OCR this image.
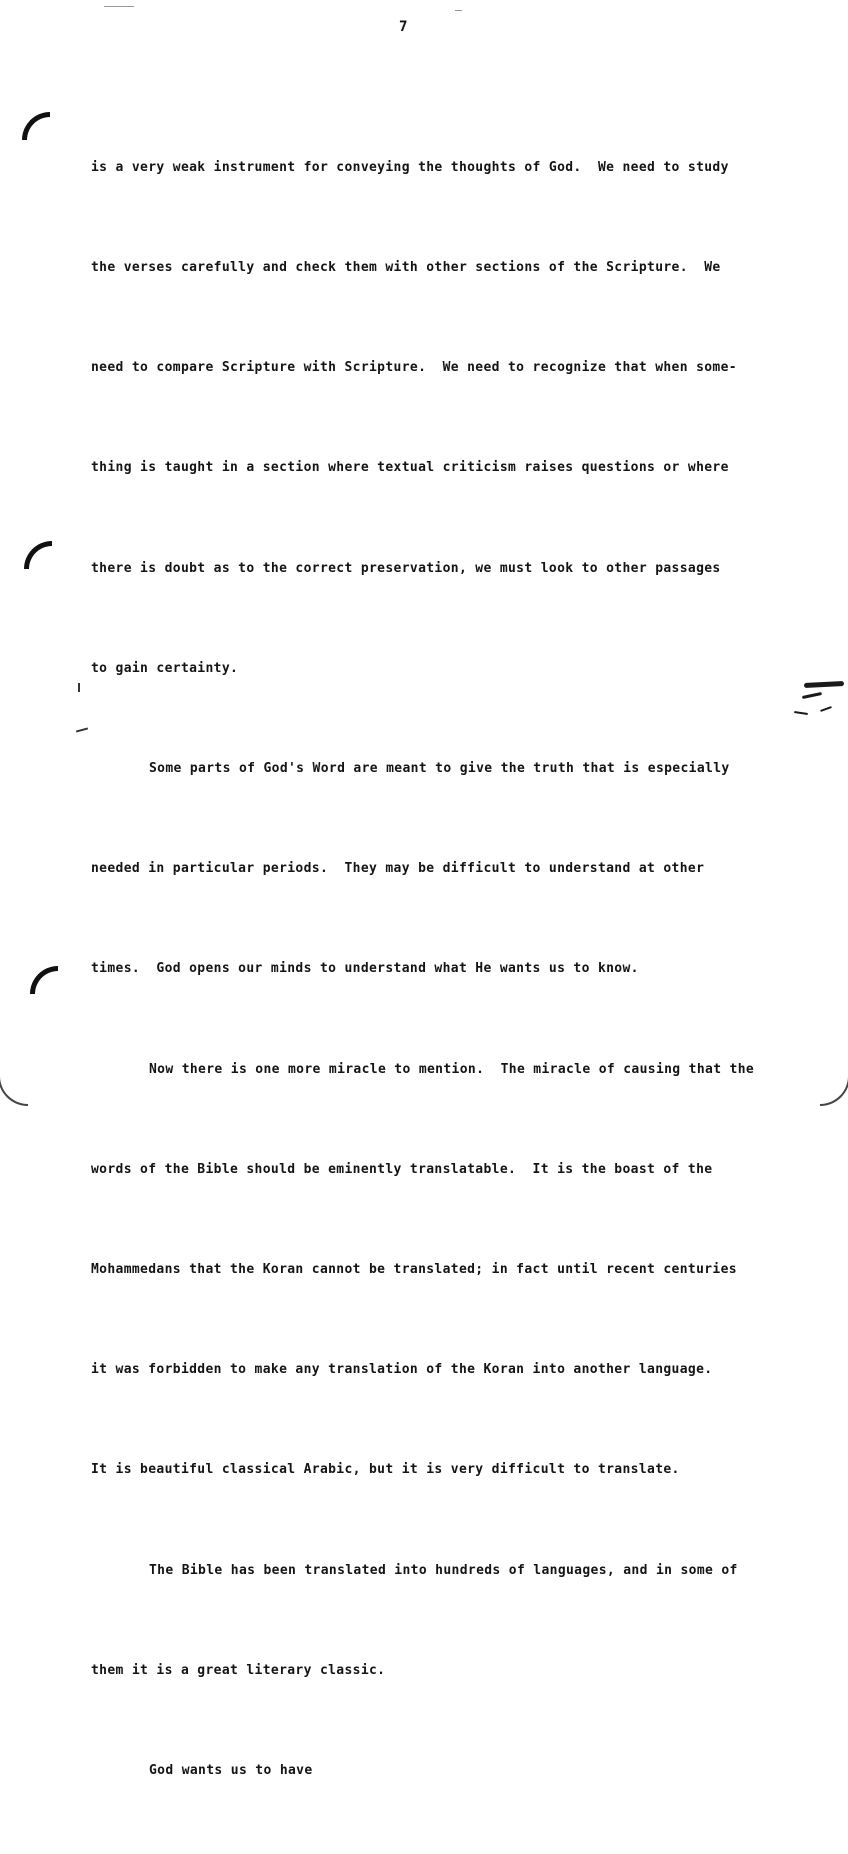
7

is a very weak instrument for conveying the thoughts of God.  We need to study

the verses carefully and check them with other sections of the Scripture.  We

need to compare Scripture with Scripture.  We need to recognize that when some-

thing is taught in a section where textual criticism raises questions or where

there is doubt as to the correct preservation, we must look to other passages

to gain certainty.

Some parts of God's Word are meant to give the truth that is especially

needed in particular periods.  They may be difficult to understand at other

times.  God opens our minds to understand what He wants us to know.

Now there is one more miracle to mention.  The miracle of causing that the

words of the Bible should be eminently translatable.  It is the boast of the

Mohammedans that the Koran cannot be translated; in fact until recent centuries

it was forbidden to make any translation of the Koran into another language.

It is beautiful classical Arabic, but it is very difficult to translate.

The Bible has been translated into hundreds of languages, and in some of

them it is a great literary classic.

God wants us to have
